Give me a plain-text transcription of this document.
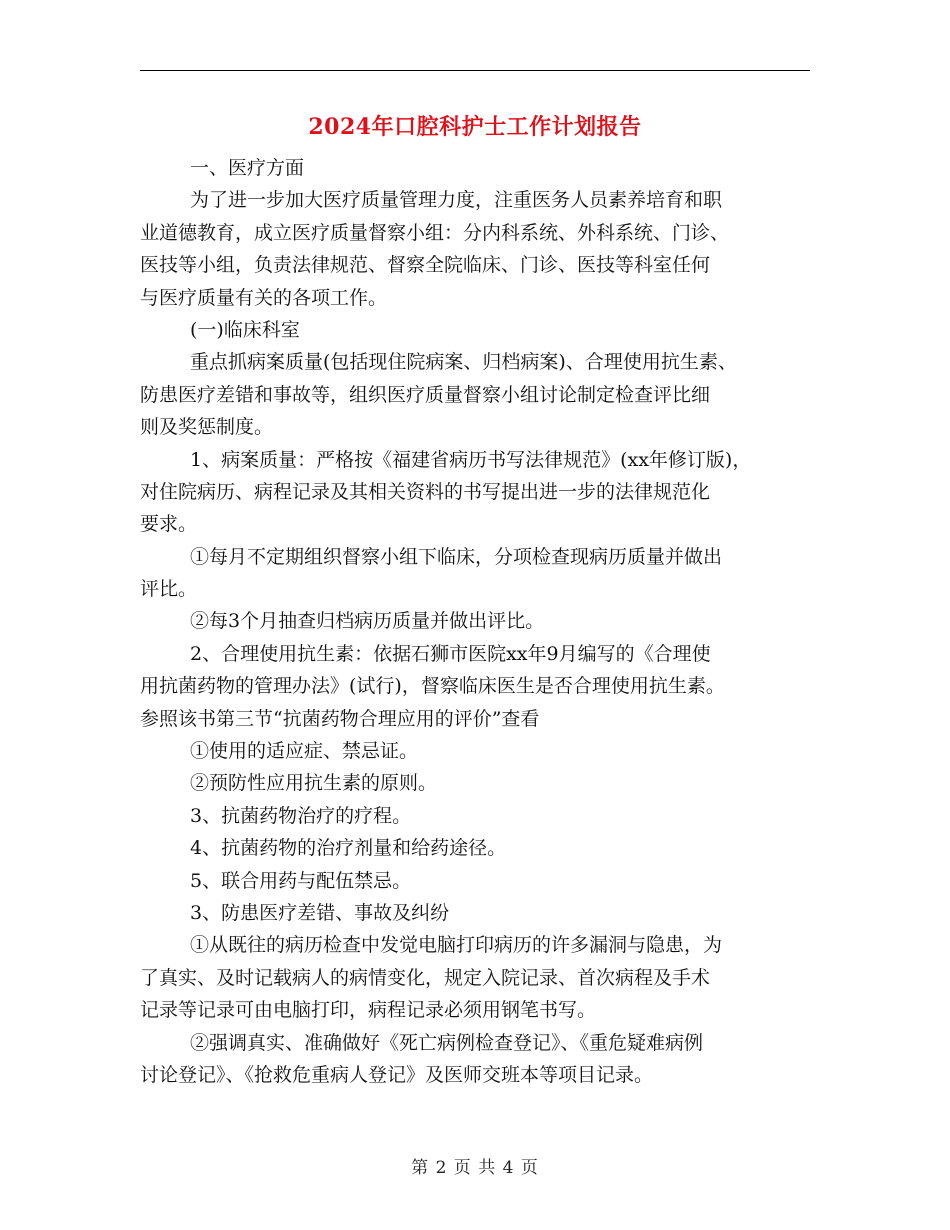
2024年口腔科护士工作计划报告
一、医疗方面
为了进一步加大医疗质量管理力度，注重医务人员素养培育和职
业道德教育，成立医疗质量督察小组：分内科系统、外科系统、门诊、
医技等小组，负责法律规范、督察全院临床、门诊、医技等科室任何
与医疗质量有关的各项工作。
(一)临床科室
重点抓病案质量(包括现住院病案、归档病案)、合理使用抗生素、
防患医疗差错和事故等，组织医疗质量督察小组讨论制定检查评比细
则及奖惩制度。
1、病案质量：严格按《福建省病历书写法律规范》(xx年修订版)，
对住院病历、病程记录及其相关资料的书写提出进一步的法律规范化
要求。
①每月不定期组织督察小组下临床，分项检查现病历质量并做出
评比。
②每3个月抽查归档病历质量并做出评比。
2、合理使用抗生素：依据石狮市医院xx年9月编写的《合理使
用抗菌药物的管理办法》(试行)，督察临床医生是否合理使用抗生素。
参照该书第三节“抗菌药物合理应用的评价”查看
①使用的适应症、禁忌证。
②预防性应用抗生素的原则。
3、抗菌药物治疗的疗程。
4、抗菌药物的治疗剂量和给药途径。
5、联合用药与配伍禁忌。
3、防患医疗差错、事故及纠纷
①从既往的病历检查中发觉电脑打印病历的许多漏洞与隐患，为
了真实、及时记载病人的病情变化，规定入院记录、首次病程及手术
记录等记录可由电脑打印，病程记录必须用钢笔书写。
②强调真实、准确做好《死亡病例检查登记》、《重危疑难病例
讨论登记》、《抢救危重病人登记》及医师交班本等项目记录。
第 2 页 共 4 页
